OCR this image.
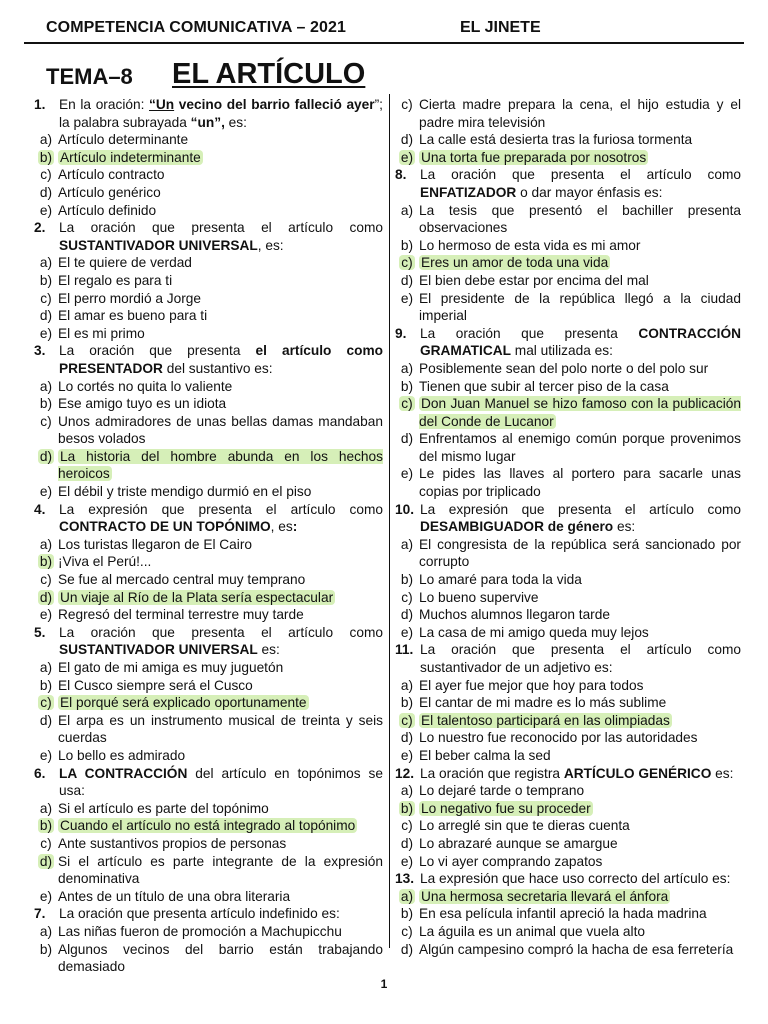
COMPETENCIA COMUNICATIVA – 2021	EL JINETE
TEMA–8 EL ARTÍCULO
1. En la oración: “Un vecino del barrio falleció ayer”; la palabra subrayada “un”, es:
a) Artículo determinante
b) Artículo indeterminante
c) Artículo contracto
d) Artículo genérico
e) Artículo definido
2. La oración que presenta el artículo como SUSTANTIVADOR UNIVERSAL, es:
a) El te quiere de verdad
b) El regalo es para ti
c) El perro mordió a Jorge
d) El amar es bueno para ti
e) El es mi primo
3. La oración que presenta el artículo como PRESENTADOR del sustantivo es:
a) Lo cortés no quita lo valiente
b) Ese amigo tuyo es un idiota
c) Unos admiradores de unas bellas damas mandaban besos volados
d) La historia del hombre abunda en los hechos heroicos
e) El débil y triste mendigo durmió en el piso
4. La expresión que presenta el artículo como CONTRACTO DE UN TOPÓNIMO, es:
a) Los turistas llegaron de El Cairo
b) ¡Viva el Perú!...
c) Se fue al mercado central muy temprano
d) Un viaje al Río de la Plata sería espectacular
e) Regresó del terminal terrestre muy tarde
5. La oración que presenta el artículo como SUSTANTIVADOR UNIVERSAL es:
a) El gato de mi amiga es muy juguetón
b) El Cusco siempre será el Cusco
c) El porqué será explicado oportunamente
d) El arpa es un instrumento musical de treinta y seis cuerdas
e) Lo bello es admirado
6. LA CONTRACCIÓN del artículo en topónimos se usa:
a) Si el artículo es parte del topónimo
b) Cuando el artículo no está integrado al topónimo
c) Ante sustantivos propios de personas
d) Si el artículo es parte integrante de la expresión denominativa
e) Antes de un título de una obra literaria
7. La oración que presenta artículo indefinido es:
a) Las niñas fueron de promoción a Machupicchu
b) Algunos vecinos del barrio están trabajando demasiado
c) Cierta madre prepara la cena, el hijo estudia y el padre mira televisión
d) La calle está desierta tras la furiosa tormenta
e) Una torta fue preparada por nosotros
8. La oración que presenta el artículo como ENFATIZADOR o dar mayor énfasis es:
a) La tesis que presentó el bachiller presenta observaciones
b) Lo hermoso de esta vida es mi amor
c) Eres un amor de toda una vida
d) El bien debe estar por encima del mal
e) El presidente de la república llegó a la ciudad imperial
9. La oración que presenta CONTRACCIÓN GRAMATICAL mal utilizada es:
a) Posiblemente sean del polo norte o del polo sur
b) Tienen que subir al tercer piso de la casa
c) Don Juan Manuel se hizo famoso con la publicación del Conde de Lucanor
d) Enfrentamos al enemigo común porque provenimos del mismo lugar
e) Le pides las llaves al portero para sacarle unas copias por triplicado
10. La expresión que presenta el artículo como DESAMBIGUADOR de género es:
a) El congresista de la república será sancionado por corrupto
b) Lo amaré para toda la vida
c) Lo bueno supervive
d) Muchos alumnos llegaron tarde
e) La casa de mi amigo queda muy lejos
11. La oración que presenta el artículo como sustantivador de un adjetivo es:
a) El ayer fue mejor que hoy para todos
b) El cantar de mi madre es lo más sublime
c) El talentoso participará en las olimpiadas
d) Lo nuestro fue reconocido por las autoridades
e) El beber calma la sed
12. La oración que registra ARTÍCULO GENÉRICO es:
a) Lo dejaré tarde o temprano
b) Lo negativo fue su proceder
c) Lo arreglé sin que te dieras cuenta
d) Lo abrazaré aunque se amargue
e) Lo vi ayer comprando zapatos
13. La expresión que hace uso correcto del artículo es:
a) Una hermosa secretaria llevará el ánfora
b) En esa película infantil apreció la hada madrina
c) La águila es un animal que vuela alto
d) Algún campesino compró la hacha de esa ferretería
1
